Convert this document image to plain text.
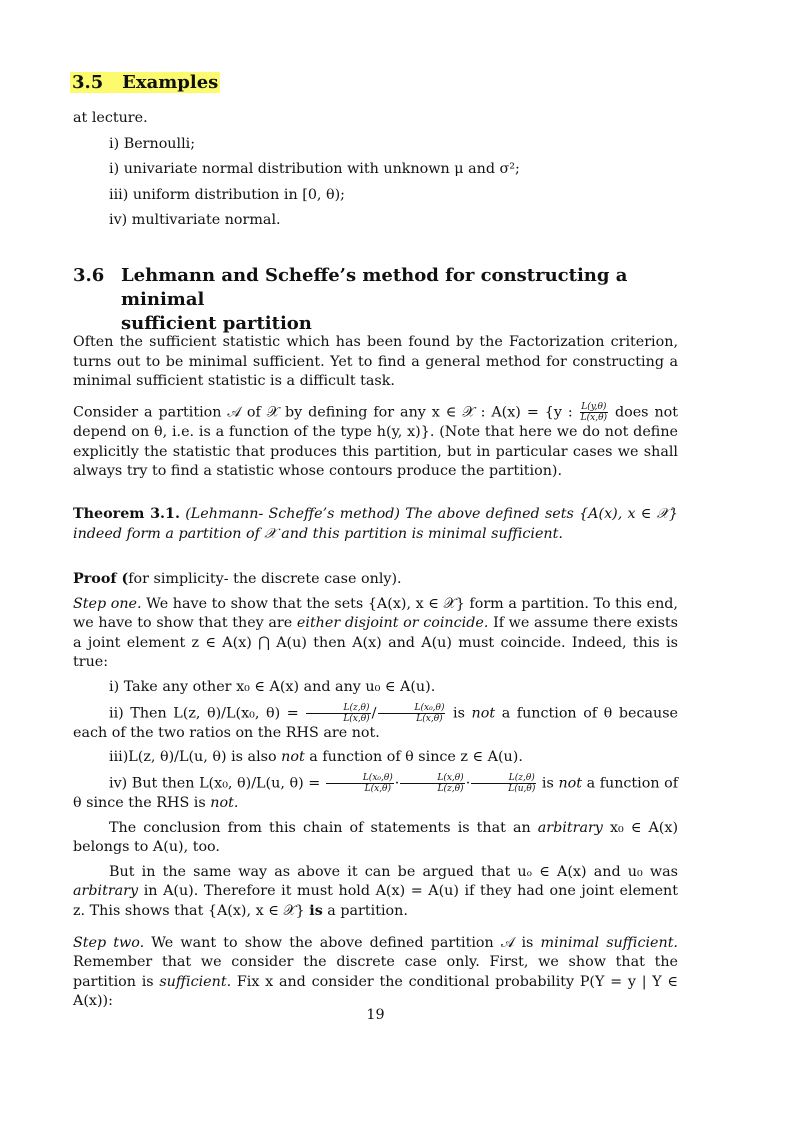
3.5 Examples

at lecture.

i) Bernoulli;

i) univariate normal distribution with unknown μ and σ²;

iii) uniform distribution in [0, θ);

iv) multivariate normal.

3.6 Lehmann and Scheffe’s method for constructing a minimal
sufficient partition

Often the sufficient statistic which has been found by the Factorization criterion, turns out to be minimal sufficient. Yet to find a general method for constructing a minimal sufficient statistic is a difficult task.

Consider a partition 𝒜 of 𝒳 by defining for any x ∈ 𝒳 : A(x) = {y : $\frac{L(y,\theta)}{L(x,\theta)}$ does not depend on θ, i.e. is a function of the type h(y, x)}. (Note that here we do not define explicitly the statistic that produces this partition, but in particular cases we shall always try to find a statistic whose contours produce the partition).

Theorem 3.1. (Lehmann- Scheffe’s method) The above defined sets {A(x), x ∈ 𝒳} indeed form a partition of 𝒳 and this partition is minimal sufficient.

Proof (for simplicity- the discrete case only).

Step one. We have to show that the sets {A(x), x ∈ 𝒳} form a partition. To this end, we have to show that they are either disjoint or coincide. If we assume there exists a joint element z ∈ A(x) ⋂ A(u) then A(x) and A(u) must coincide. Indeed, this is true:

i) Take any other x₀ ∈ A(x) and any u₀ ∈ A(u).

ii) Then L(z, θ)/L(x₀, $\theta) = \frac{L(z,\theta)}{L(x,\theta)} / \frac{\text{L(x₀,θ)}}{L(x,\theta)}$ is not a function of θ because each of the two ratios on the RHS are not.

iii)L(z, θ)/L(u, θ) is also not a function of θ since z ∈ A(u).

iv) But then L(x₀, θ)/L(u, $\theta) = \frac{\text{L(x₀,θ)}}{L(x,\theta)} \cdot \frac{L(x,\theta)}{L(z,\theta)} \cdot \frac{L(z,\theta)}{L(u,\theta)}$ is not a function of θ since the RHS is not.

The conclusion from this chain of statements is that an arbitrary x₀ ∈ A(x) belongs to A(u), too.

But in the same way as above it can be argued that uₒ ∈ A(x) and u₀ was arbitrary in A(u). Therefore it must hold A(x) = A(u) if they had one joint element z. This shows that {A(x), x ∈ 𝒳} is a partition.

Step two. We want to show the above defined partition 𝒜 is minimal sufficient. Remember that we consider the discrete case only. First, we show that the partition is sufficient. Fix x and consider the conditional probability P(Y = y | Y ∈ A(x)):

19
